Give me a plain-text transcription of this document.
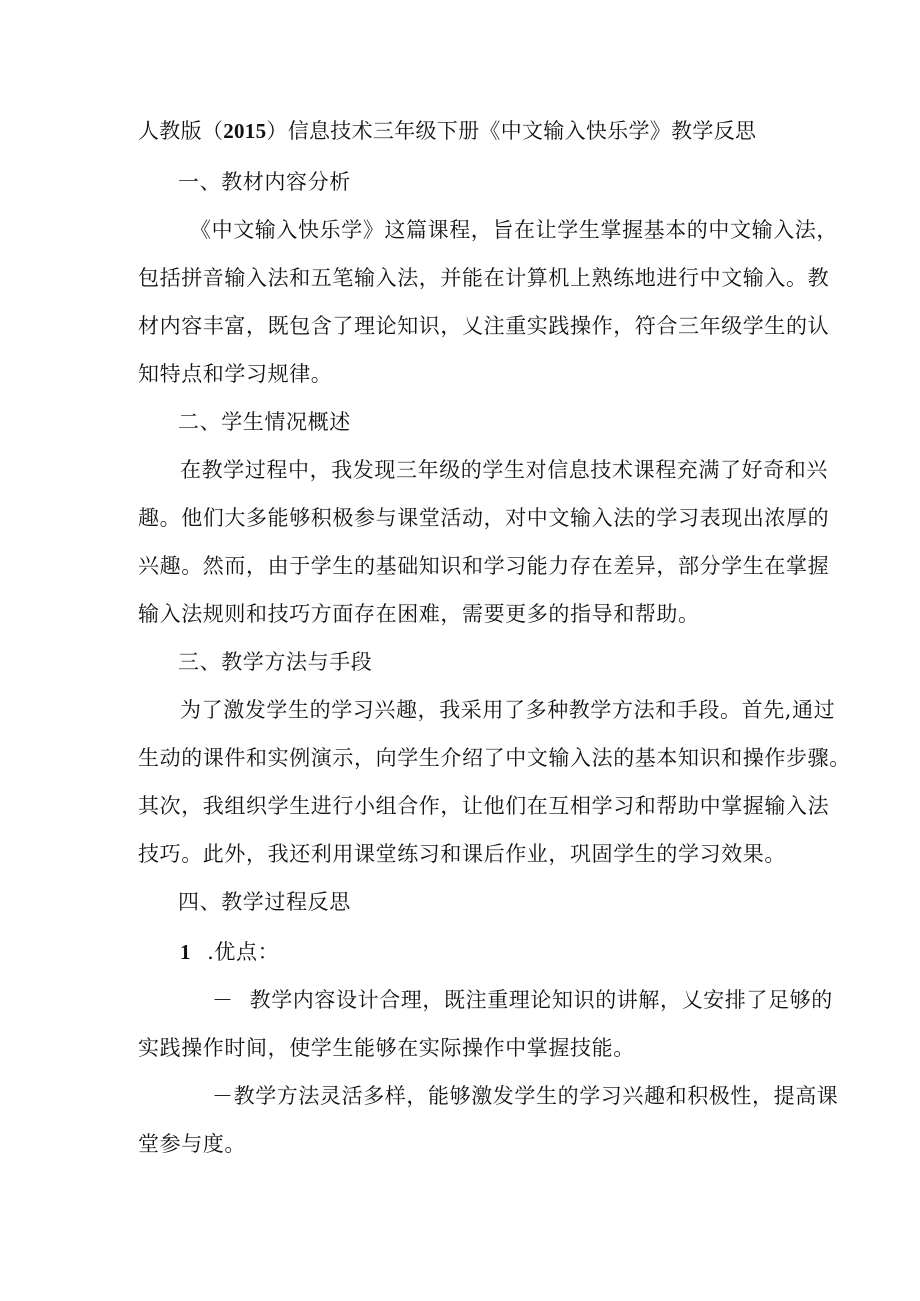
人教版（2015）信息技术三年级下册《中文输入快乐学》教学反思
一、教材内容分析
《中文输入快乐学》这篇课程，旨在让学生掌握基本的中文输入法，
包括拼音输入法和五笔输入法，并能在计算机上熟练地进行中文输入。教
材内容丰富，既包含了理论知识，乂注重实践操作，符合三年级学生的认
知特点和学习规律。
二、学生情况概述
在教学过程中，我发现三年级的学生对信息技术课程充满了好奇和兴
趣。他们大多能够积极参与课堂活动，对中文输入法的学习表现出浓厚的
兴趣。然而，由于学生的基础知识和学习能力存在差异，部分学生在掌握
输入法规则和技巧方面存在困难，需要更多的指导和帮助。
三、教学方法与手段
为了激发学生的学习兴趣，我采用了多种教学方法和手段。首先,通过
生动的课件和实例演示，向学生介绍了中文输入法的基本知识和操作步骤。
其次，我组织学生进行小组合作，让他们在互相学习和帮助中掌握输入法
技巧。此外，我还利用课堂练习和课后作业，巩固学生的学习效果。
四、教学过程反思
1 .优点：
－ 教学内容设计合理，既注重理论知识的讲解，乂安排了足够的
实践操作时间，使学生能够在实际操作中掌握技能。
－教学方法灵活多样，能够激发学生的学习兴趣和积极性，提高课
堂参与度。
